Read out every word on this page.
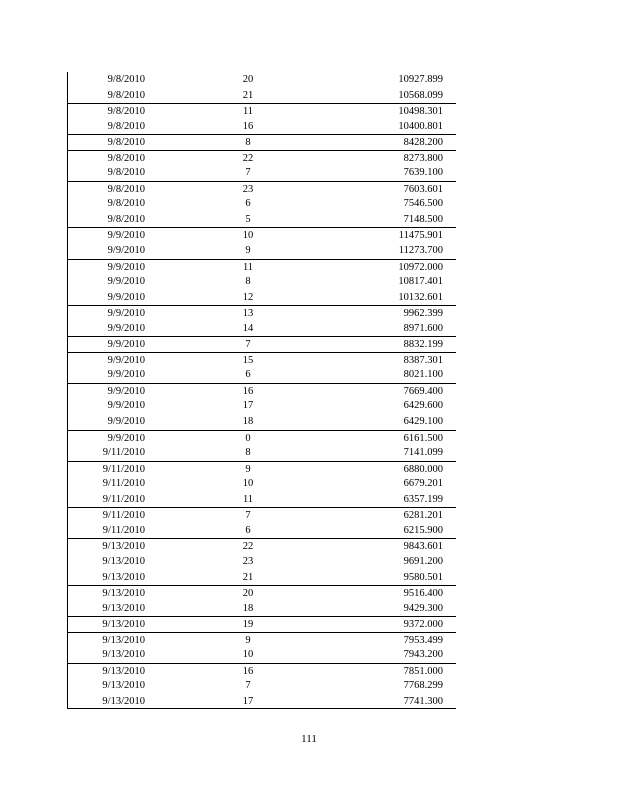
9/8/2010	20	10927.899
9/8/2010	21	10568.099
9/8/2010	11	10498.301
9/8/2010	16	10400.801
9/8/2010	8	8428.200
9/8/2010	22	8273.800
9/8/2010	7	7639.100
9/8/2010	23	7603.601
9/8/2010	6	7546.500
9/8/2010	5	7148.500
9/9/2010	10	11475.901
9/9/2010	9	11273.700
9/9/2010	11	10972.000
9/9/2010	8	10817.401
9/9/2010	12	10132.601
9/9/2010	13	9962.399
9/9/2010	14	8971.600
9/9/2010	7	8832.199
9/9/2010	15	8387.301
9/9/2010	6	8021.100
9/9/2010	16	7669.400
9/9/2010	17	6429.600
9/9/2010	18	6429.100
9/9/2010	0	6161.500
9/11/2010	8	7141.099
9/11/2010	9	6880.000
9/11/2010	10	6679.201
9/11/2010	11	6357.199
9/11/2010	7	6281.201
9/11/2010	6	6215.900
9/13/2010	22	9843.601
9/13/2010	23	9691.200
9/13/2010	21	9580.501
9/13/2010	20	9516.400
9/13/2010	18	9429.300
9/13/2010	19	9372.000
9/13/2010	9	7953.499
9/13/2010	10	7943.200
9/13/2010	16	7851.000
9/13/2010	7	7768.299
9/13/2010	17	7741.300
111
